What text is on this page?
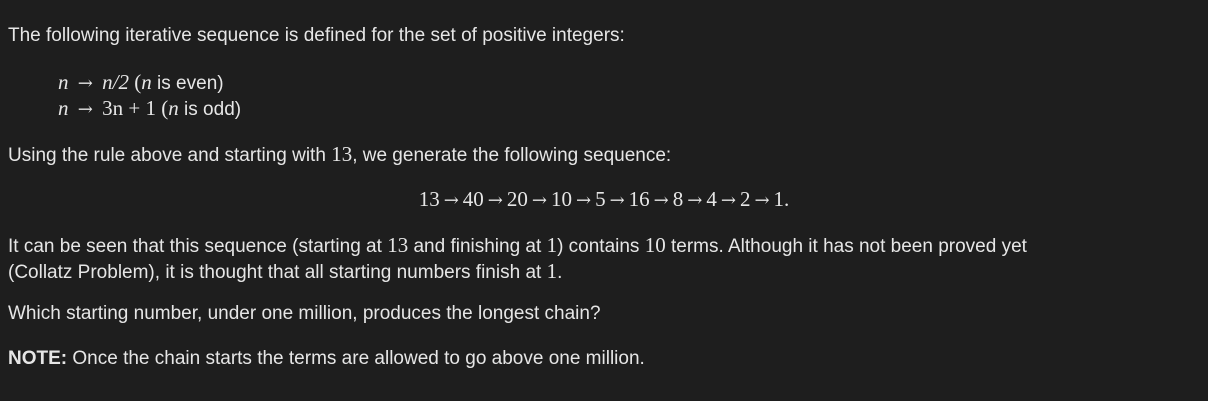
The following iterative sequence is defined for the set of positive integers:
n → n/2 (n is even)
n → 3n + 1 (n is odd)
Using the rule above and starting with 13, we generate the following sequence:
13 → 40 → 20 → 10 → 5 → 16 → 8 → 4 → 2 → 1.
It can be seen that this sequence (starting at 13 and finishing at 1) contains 10 terms. Although it has not been proved yet
(Collatz Problem), it is thought that all starting numbers finish at 1.
Which starting number, under one million, produces the longest chain?
NOTE: Once the chain starts the terms are allowed to go above one million.
